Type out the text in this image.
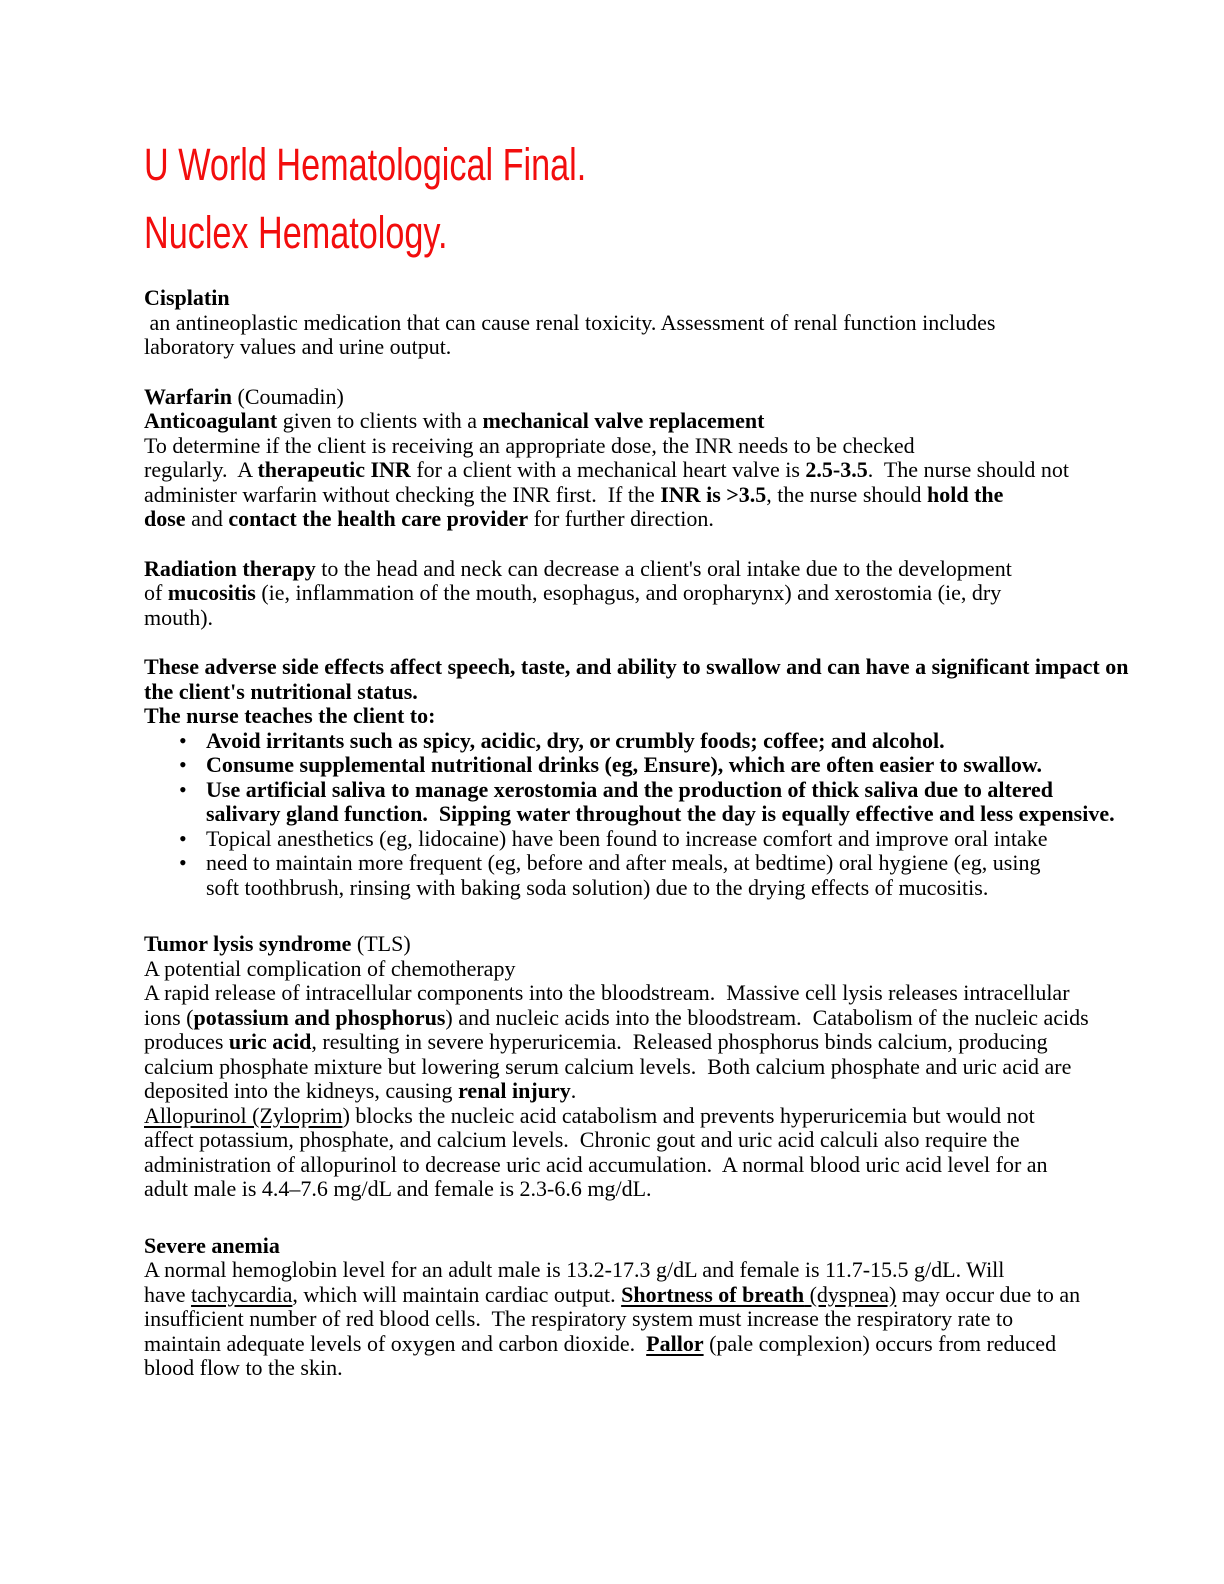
U World Hematological Final.
Nuclex Hematology.
Cisplatin
an antineoplastic medication that can cause renal toxicity. Assessment of renal function includes
laboratory values and urine output.
Warfarin (Coumadin)
Anticoagulant given to clients with a mechanical valve replacement
To determine if the client is receiving an appropriate dose, the INR needs to be checked
regularly.  A therapeutic INR for a client with a mechanical heart valve is 2.5-3.5.  The nurse should not
administer warfarin without checking the INR first.  If the INR is >3.5, the nurse should hold the
dose and contact the health care provider for further direction.
Radiation therapy to the head and neck can decrease a client's oral intake due to the development
of mucositis (ie, inflammation of the mouth, esophagus, and oropharynx) and xerostomia (ie, dry
mouth).
These adverse side effects affect speech, taste, and ability to swallow and can have a significant impact on
the client's nutritional status.
The nurse teaches the client to:
• Avoid irritants such as spicy, acidic, dry, or crumbly foods; coffee; and alcohol.
• Consume supplemental nutritional drinks (eg, Ensure), which are often easier to swallow.
• Use artificial saliva to manage xerostomia and the production of thick saliva due to altered
salivary gland function.  Sipping water throughout the day is equally effective and less expensive.
• Topical anesthetics (eg, lidocaine) have been found to increase comfort and improve oral intake
• need to maintain more frequent (eg, before and after meals, at bedtime) oral hygiene (eg, using
soft toothbrush, rinsing with baking soda solution) due to the drying effects of mucositis.
Tumor lysis syndrome (TLS)
A potential complication of chemotherapy
A rapid release of intracellular components into the bloodstream.  Massive cell lysis releases intracellular
ions (potassium and phosphorus) and nucleic acids into the bloodstream.  Catabolism of the nucleic acids
produces uric acid, resulting in severe hyperuricemia.  Released phosphorus binds calcium, producing
calcium phosphate mixture but lowering serum calcium levels.  Both calcium phosphate and uric acid are
deposited into the kidneys, causing renal injury.
Allopurinol (Zyloprim) blocks the nucleic acid catabolism and prevents hyperuricemia but would not
affect potassium, phosphate, and calcium levels.  Chronic gout and uric acid calculi also require the
administration of allopurinol to decrease uric acid accumulation.  A normal blood uric acid level for an
adult male is 4.4–7.6 mg/dL and female is 2.3-6.6 mg/dL.
Severe anemia
A normal hemoglobin level for an adult male is 13.2-17.3 g/dL and female is 11.7-15.5 g/dL. Will
have tachycardia, which will maintain cardiac output. Shortness of breath (dyspnea) may occur due to an
insufficient number of red blood cells.  The respiratory system must increase the respiratory rate to
maintain adequate levels of oxygen and carbon dioxide.  Pallor (pale complexion) occurs from reduced
blood flow to the skin.
